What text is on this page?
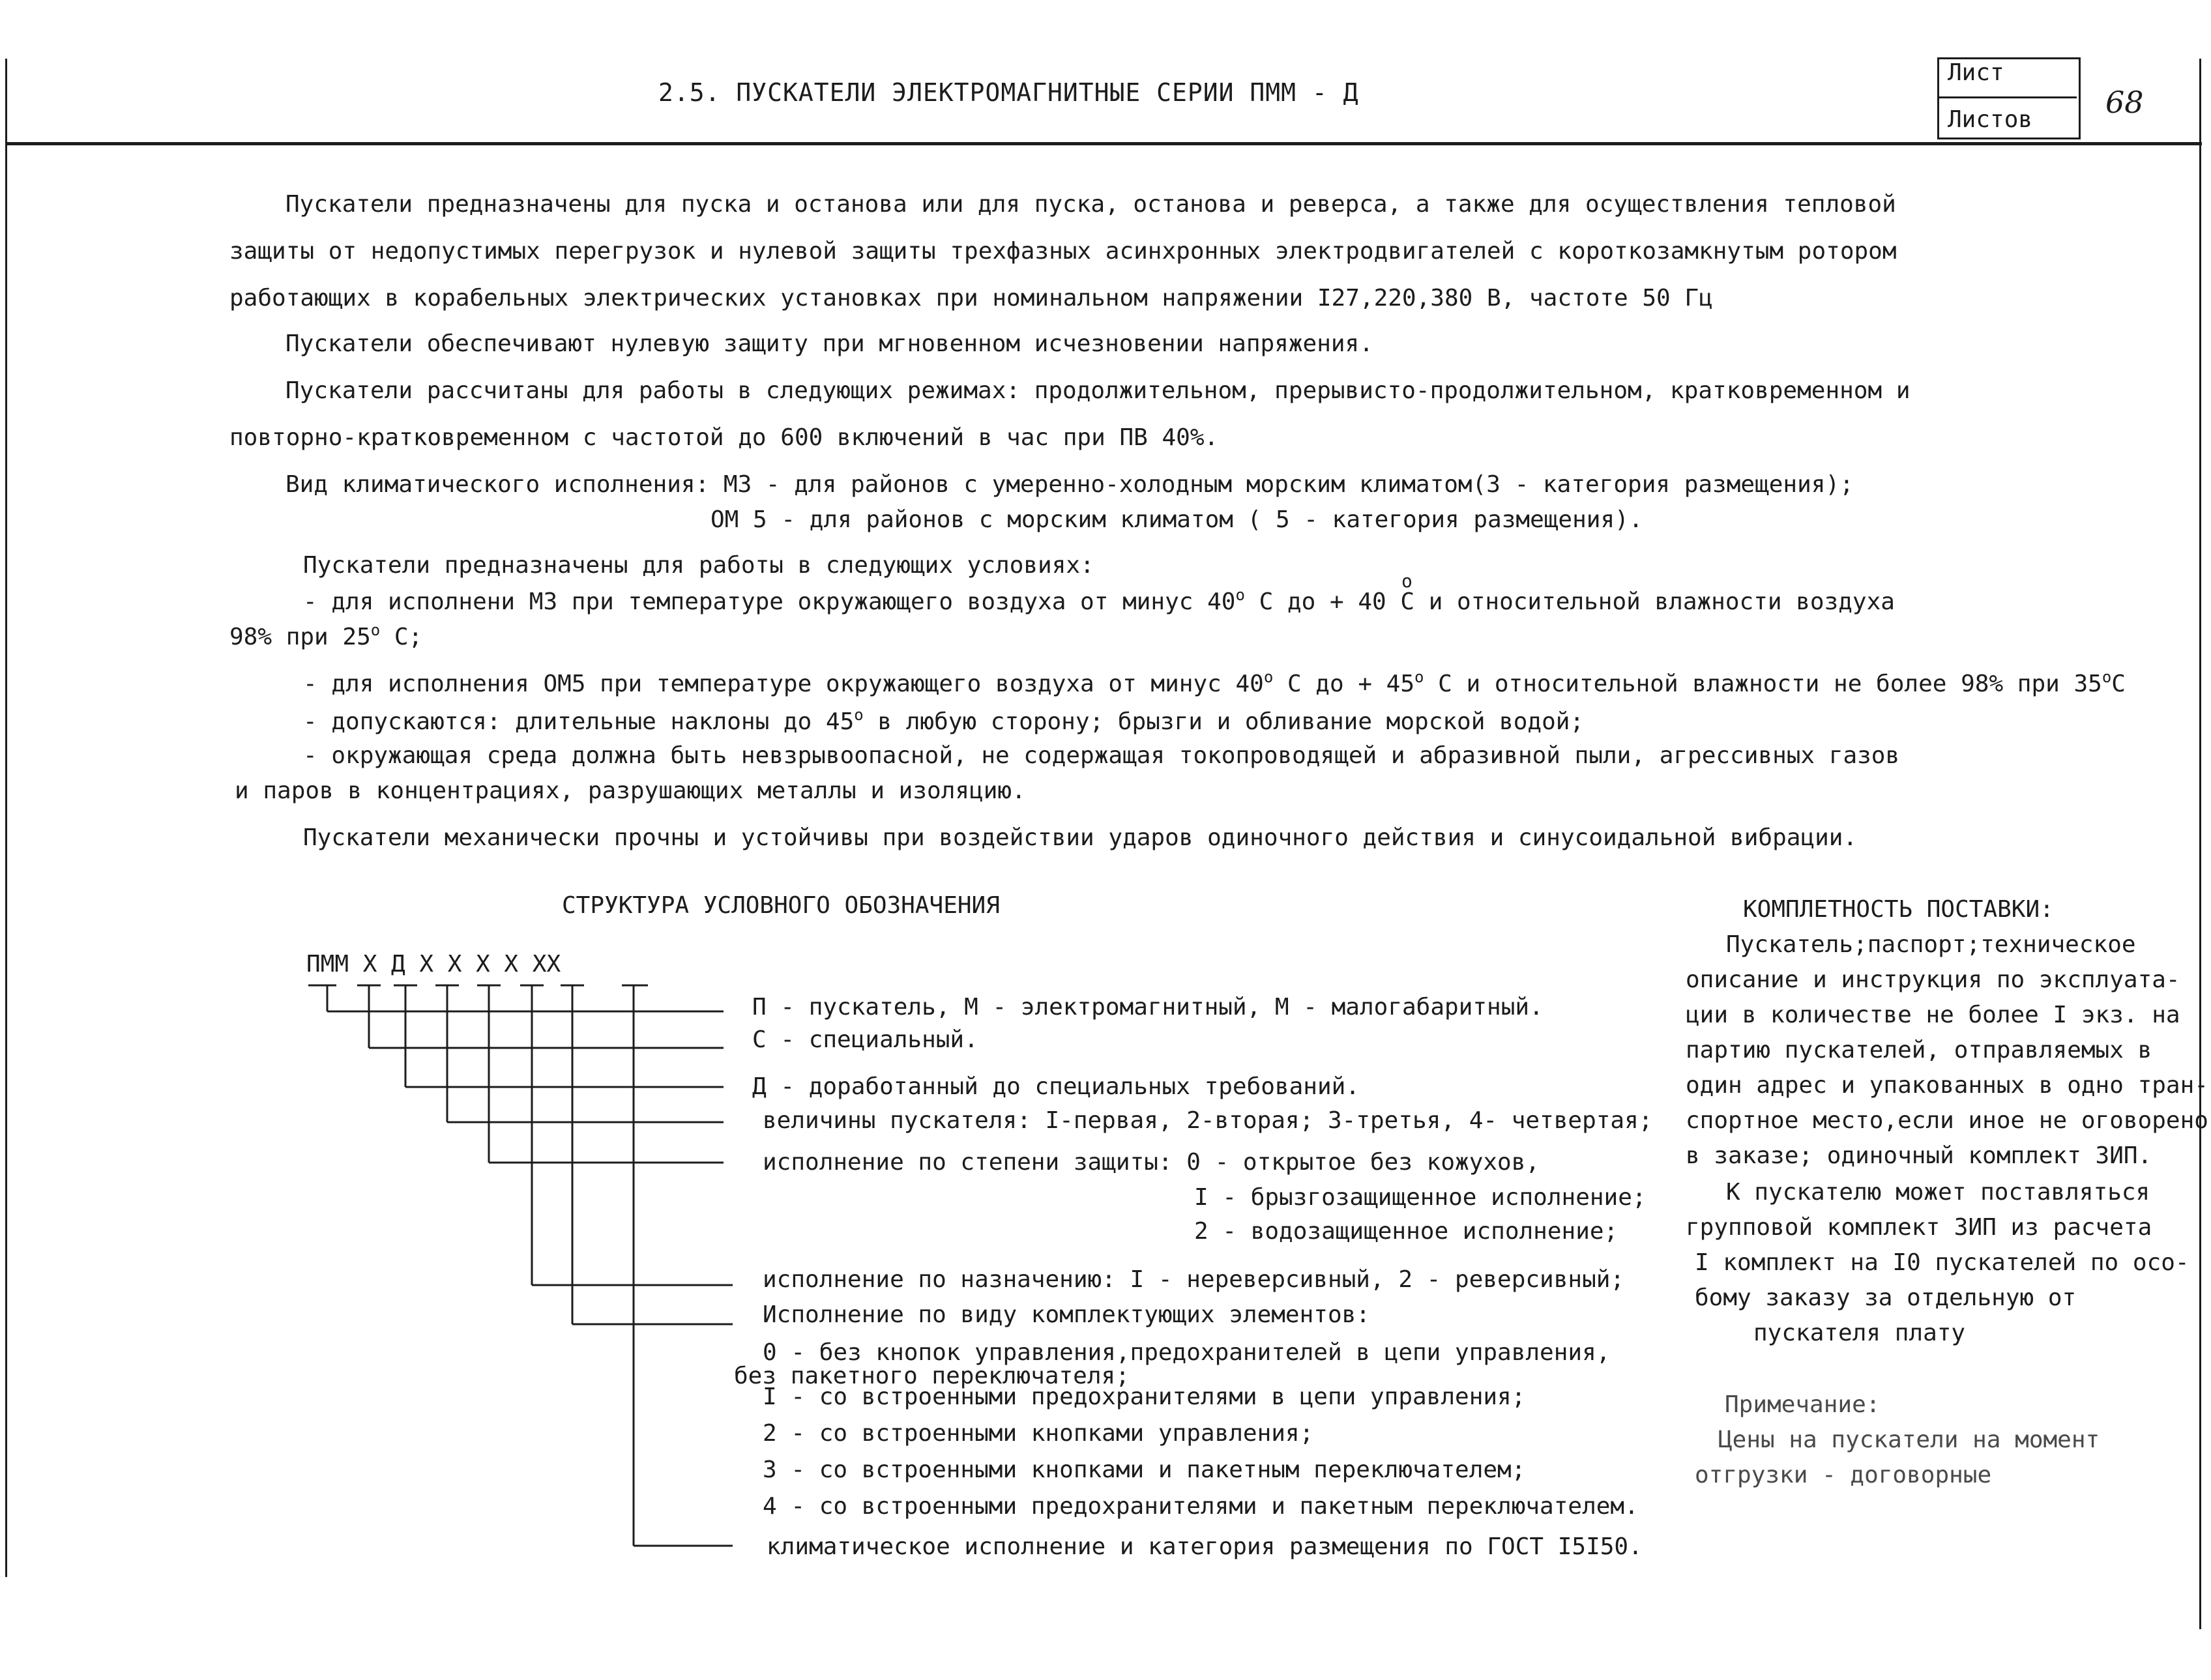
2.5. ПУСКАТЕЛИ ЭЛЕКТРОМАГНИТНЫЕ СЕРИИ ПММ - Д
Лист
Листов 68
Пускатели предназначены для пуска и останова или для пуска, останова и реверса, а также для осуществления тепловой
защиты от недопустимых перегрузок и нулевой защиты трехфазных асинхронных электродвигателей с короткозамкнутым ротором
работающих в корабельных электрических установках при номинальном напряжении I27,220,380 В, частоте 50 Гц
Пускатели обеспечивают нулевую защиту при мгновенном исчезновении напряжения.
Пускатели рассчитаны для работы в следующих режимах: продолжительном, прерывисто-продолжительном, кратковременном и
повторно-кратковременном с частотой до 600 включений в час при ПВ 40%.
Вид климатического исполнения: М3 - для районов с умеренно-холодным морским климатом(3 - категория размещения);
ОМ 5 - для районов с морским климатом ( 5 - категория размещения).
Пускатели предназначены для работы в следующих условиях:
о
- для исполнени М3 при температуре окружающего воздуха от минус $40^о$ С до + 40 С и относительной влажности воздуха
98% при $25^о$ С;
- для исполнения ОМ5 при температуре окружающего воздуха от минус $40^о$ С до + $45^о$ С и относительной влажности не более 98% при $35^оС$
- допускаются: длительные наклоны до $45^о$ в любую сторону; брызги и обливание морской водой;
- окружающая среда должна быть невзрывоопасной, не содержащая токопроводящей и абразивной пыли, агрессивных газов
и паров в концентрациях, разрушающих металлы и изоляцию.
Пускатели механически прочны и устойчивы при воздействии ударов одиночного действия и синусоидальной вибрации.
СТРУКТУРА УСЛОВНОГО ОБОЗНАЧЕНИЯ
ПММ Х Д Х Х Х Х ХХ
П - пускатель, М - электромагнитный, М - малогабаритный.
С - специальный.
Д - доработанный до специальных требований.
величины пускателя: I-первая, 2-вторая; 3-третья, 4- четвертая;
исполнение по степени защиты: 0 - открытое без кожухов,
I - брызгозащищенное исполнение;
2 - водозащищенное исполнение;
исполнение по назначению: I - нереверсивный, 2 - реверсивный;
Исполнение по виду комплектующих элементов:
0 - без кнопок управления,предохранителей в цепи управления,
без пакетного переключателя;
I - со встроенными предохранителями в цепи управления;
2 - со встроенными кнопками управления;
3 - со встроенными кнопками и пакетным переключателем;
4 - со встроенными предохранителями и пакетным переключателем.
климатическое исполнение и категория размещения по ГОСТ I5I50.
КОМПЛЕТНОСТЬ ПОСТАВКИ:
Пускатель;паспорт;техническое
описание и инструкция по эксплуата-
ции в количестве не более I экз. на
партию пускателей, отправляемых в
один адрес и упакованных в одно тран-
спортное место,если иное не оговорено
в заказе; одиночный комплект ЗИП.
К пускателю может поставляться
групповой комплект ЗИП из расчета
I комплект на I0 пускателей по осо-
бому заказу за отдельную от
пускателя плату
Примечание:
Цены на пускатели на момент
отгрузки - договорные
